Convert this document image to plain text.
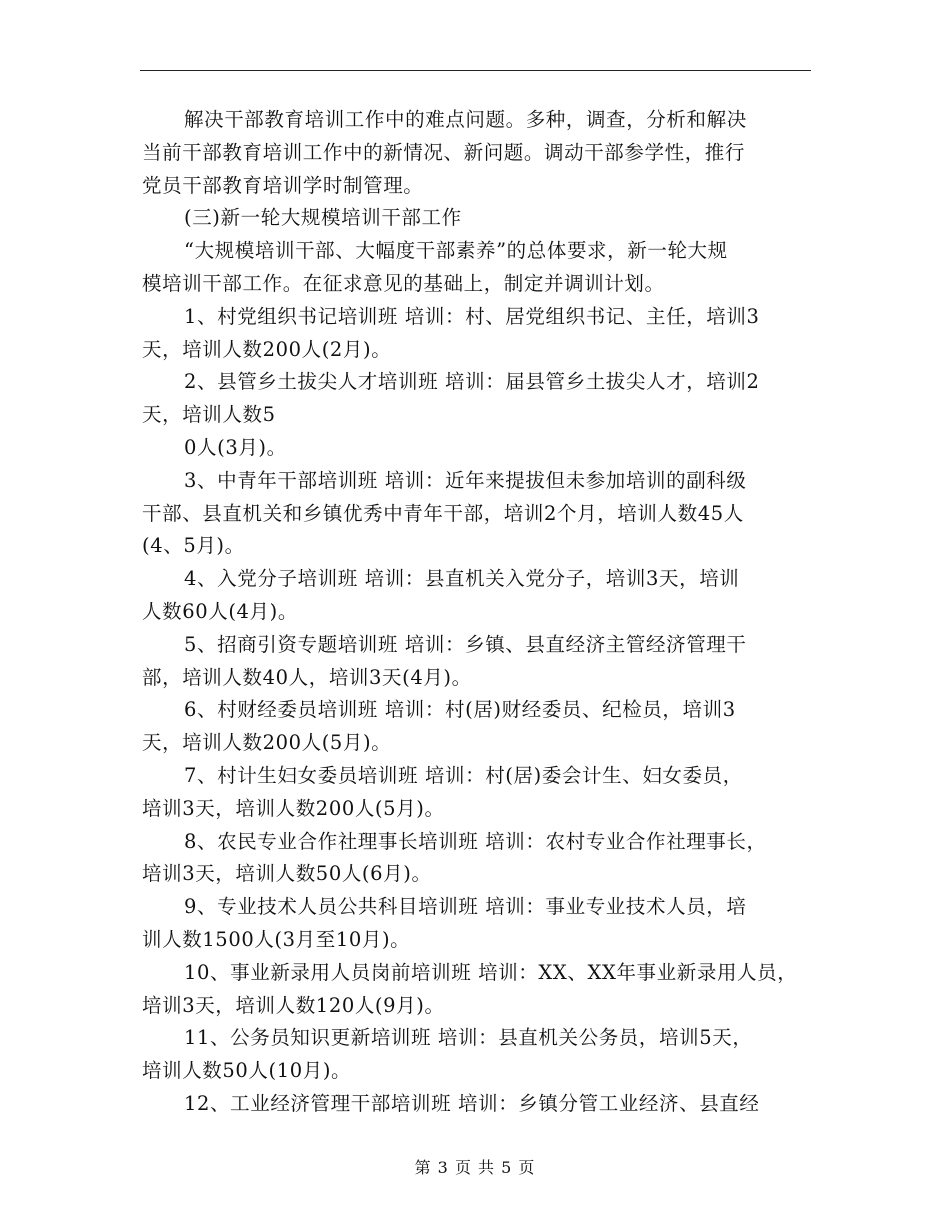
解决干部教育培训工作中的难点问题。多种，调查，分析和解决
当前干部教育培训工作中的新情况、新问题。调动干部参学性，推行
党员干部教育培训学时制管理。
(三)新一轮大规模培训干部工作
“大规模培训干部、大幅度干部素养”的总体要求，新一轮大规
模培训干部工作。在征求意见的基础上，制定并调训计划。
1、村党组织书记培训班 培训：村、居党组织书记、主任，培训3
天，培训人数200人(2月)。
2、县管乡土拔尖人才培训班 培训：届县管乡土拔尖人才，培训2
天，培训人数5
0人(3月)。
3、中青年干部培训班 培训：近年来提拔但未参加培训的副科级
干部、县直机关和乡镇优秀中青年干部，培训2个月，培训人数45人
(4、5月)。
4、入党分子培训班 培训：县直机关入党分子，培训3天，培训
人数60人(4月)。
5、招商引资专题培训班 培训：乡镇、县直经济主管经济管理干
部，培训人数40人，培训3天(4月)。
6、村财经委员培训班 培训：村(居)财经委员、纪检员，培训3
天，培训人数200人(5月)。
7、村计生妇女委员培训班 培训：村(居)委会计生、妇女委员，
培训3天，培训人数200人(5月)。
8、农民专业合作社理事长培训班 培训：农村专业合作社理事长，
培训3天，培训人数50人(6月)。
9、专业技术人员公共科目培训班 培训：事业专业技术人员，培
训人数1500人(3月至10月)。
10、事业新录用人员岗前培训班 培训：XX、XX年事业新录用人员，
培训3天，培训人数120人(9月)。
11、公务员知识更新培训班 培训：县直机关公务员，培训5天，
培训人数50人(10月)。
12、工业经济管理干部培训班 培训：乡镇分管工业经济、县直经
第 3 页 共 5 页
